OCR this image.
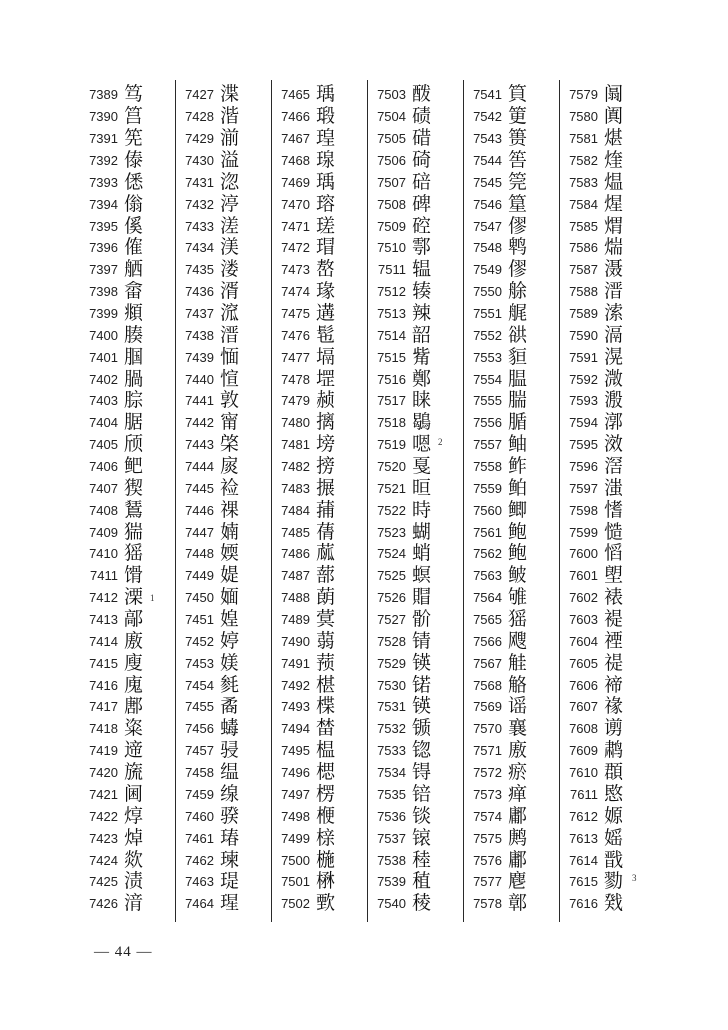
7389 笃
7390 筥
7391 筅
7392 傣
7393 僁
7394 傟
7395 傒
7396 傕
7397 舾
7398 畲
7399 頫
7400 腠
7401 腘
7402 腡
7403 腙
7404 腒
7405 颀
7406 鲃
7407 猰
7408 鵟
7409 猯
7410 猺
7411 馉
7412 溧
7413 鄗
7414 廒
7415 廋
7416 廆
7417 鄌
7418 粢
7419 遆
7420 旒
7421 阃
7422 焞
7423 焯
7424 欻
7425 渍
7426 湇
7427 渫
7428 湝
7429 湔
7430 溢
7431 淴
7432 渟
7433 溠
7434 渼
7435 溇
7436 湑
7437 溛
7438 溍
7439 愐
7440 愃
7441 敦
7442 甯
7443 棨
7444 扊
7445 裣
7446 祼
7447 婻
7448 媆
7449 媞
7450 媔
7451 媓
7452 婷
7453 媄
7454 毵
7455 矞
7456 蝳
7457 骎
7458 缊
7459 缐
7460 骙
7461 瑃
7462 瑓
7463 瑅
7464 瑆
7465 瑀
7466 瑖
7467 瑝
7468 瑔
7469 瑀
7470 瑢
7471 瑳
7472 瑁
7473 嶅
7474 瑑
7475 遘
7476 髢
7477 塥
7478 堽
7479 赪
7480 摛
7481 塝
7482 搒
7483 搌
7484 蒱
7485 蒨
7486 蓏
7487 蔀
7488 蓢
7489 蓂
7490 蒻
7491 蓣
7492 椹
7493 楪
7494 榃
7495 榅
7496 楒
7497 楞
7498 楩
7499 榇
7500 椸
7501 楙
7502 歅
7503 酦
7504 碛
7505 碏
7506 碕
7507 碚
7508 碑
7509 硿
7510 鄠
7511 辒
7512 辏
7513 辣
7514 韶
7515 觜
7516 鄭
7517 睐
7518 鶡
7519 嗯
7520 戛
7521 晅
7522 時
7523 蝴
7524 蛸
7525 螟
7526 賵
7527 骱
7528 锖
7529 锳
7530 锘
7531 锳
7532 锧
7533 锪
7534 锝
7535 锫
7536 锬
7537 锿
7538 稑
7539 稙
7540 稜
7541 筫
7542 筻
7543 篑
7544 筶
7545 筦
7546 篂
7547 僇
7548 鹎
7549 僇
7550 艅
7551 艉
7552 谼
7553 貆
7554 腽
7555 腨
7556 腯
7557 鲉
7558 鲊
7559 鲌
7560 鲫
7561 鲍
7562 鲍
7563 鲏
7564 雊
7565 猺
7566 飕
7567 觟
7568 觡
7569 谣
7570 襄
7571 廒
7572 瘀
7573 瘅
7574 鄘
7575 鹒
7576 鄘
7577 麀
7578 鄣
7579 阘
7580 阗
7581 煁
7582 煃
7583 煴
7584 煋
7585 煟
7586 煓
7587 滠
7588 溍
7589 溹
7590 滆
7591 滉
7592 溦
7593 溵
7594 漷
7595 滧
7596 滘
7597 滍
7598 愭
7599 慥
7600 慆
7601 塱
7602 裱
7603 褆
7604 禋
7605 禔
7606 禘
7607 禒
7608 谫
7609 鹔
7610 頵
7611 愍
7612 嫄
7613 媱
7614 戬
7615 勠
7616 戣
1
2
3
— 44 —
